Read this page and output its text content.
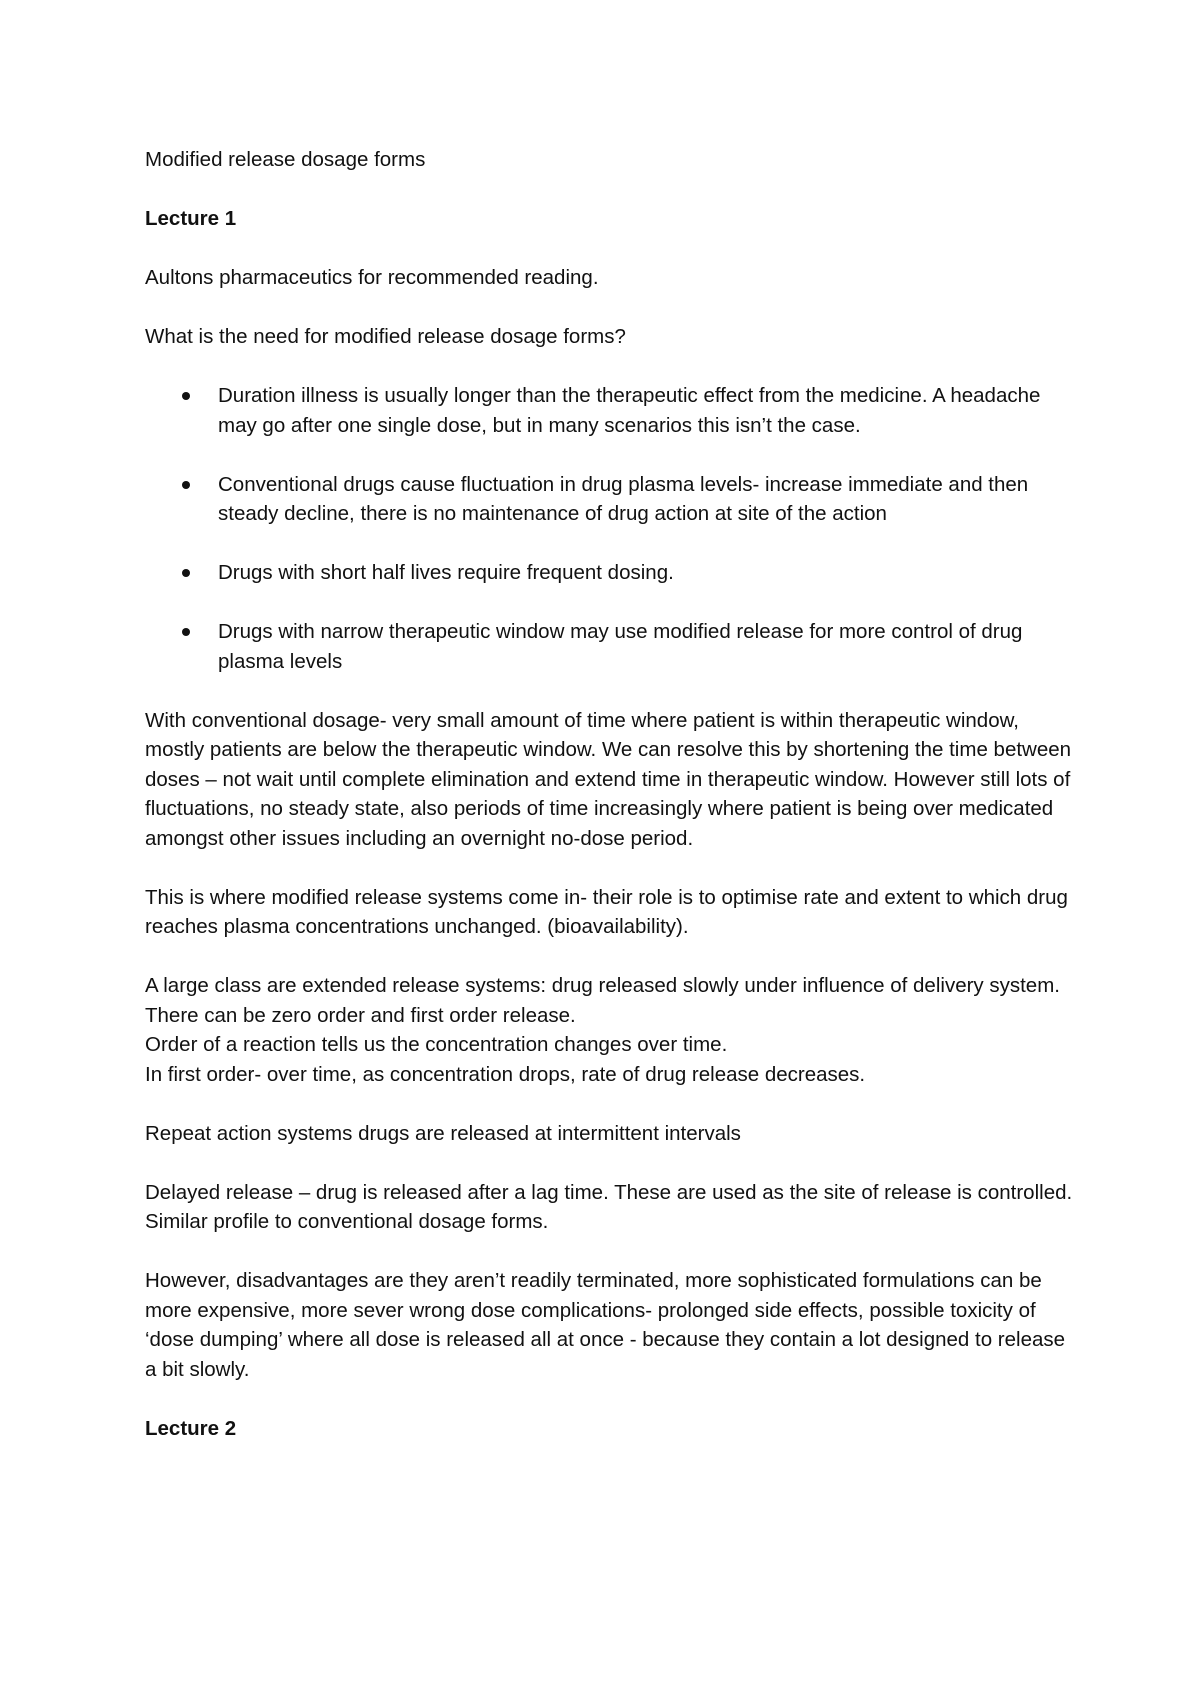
Modified release dosage forms

Lecture 1

Aultons pharmaceutics for recommended reading.

What is the need for modified release dosage forms?

Duration illness is usually longer than the therapeutic effect from the medicine. A headache may go after one single dose, but in many scenarios this isn’t the case.
Conventional drugs cause fluctuation in drug plasma levels- increase immediate and then steady decline, there is no maintenance of drug action at site of the action
Drugs with short half lives require frequent dosing.
Drugs with narrow therapeutic window may use modified release for more control of drug plasma levels

With conventional dosage- very small amount of time where patient is within therapeutic window, mostly patients are below the therapeutic window. We can resolve this by shortening the time between doses – not wait until complete elimination and extend time in therapeutic window. However still lots of fluctuations, no steady state, also periods of time increasingly where patient is being over medicated amongst other issues including an overnight no-dose period.

This is where modified release systems come in- their role is to optimise rate and extent to which drug reaches plasma concentrations unchanged. (bioavailability).

A large class are extended release systems: drug released slowly under influence of delivery system. There can be zero order and first order release.

Order of a reaction tells us the concentration changes over time.

In first order- over time, as concentration drops, rate of drug release decreases.

Repeat action systems drugs are released at intermittent intervals

Delayed release – drug is released after a lag time. These are used as the site of release is controlled. Similar profile to conventional dosage forms.

However, disadvantages are they aren’t readily terminated, more sophisticated formulations can be more expensive, more sever wrong dose complications- prolonged side effects, possible toxicity of ‘dose dumping’ where all dose is released all at once - because they contain a lot designed to release a bit slowly.

Lecture 2
